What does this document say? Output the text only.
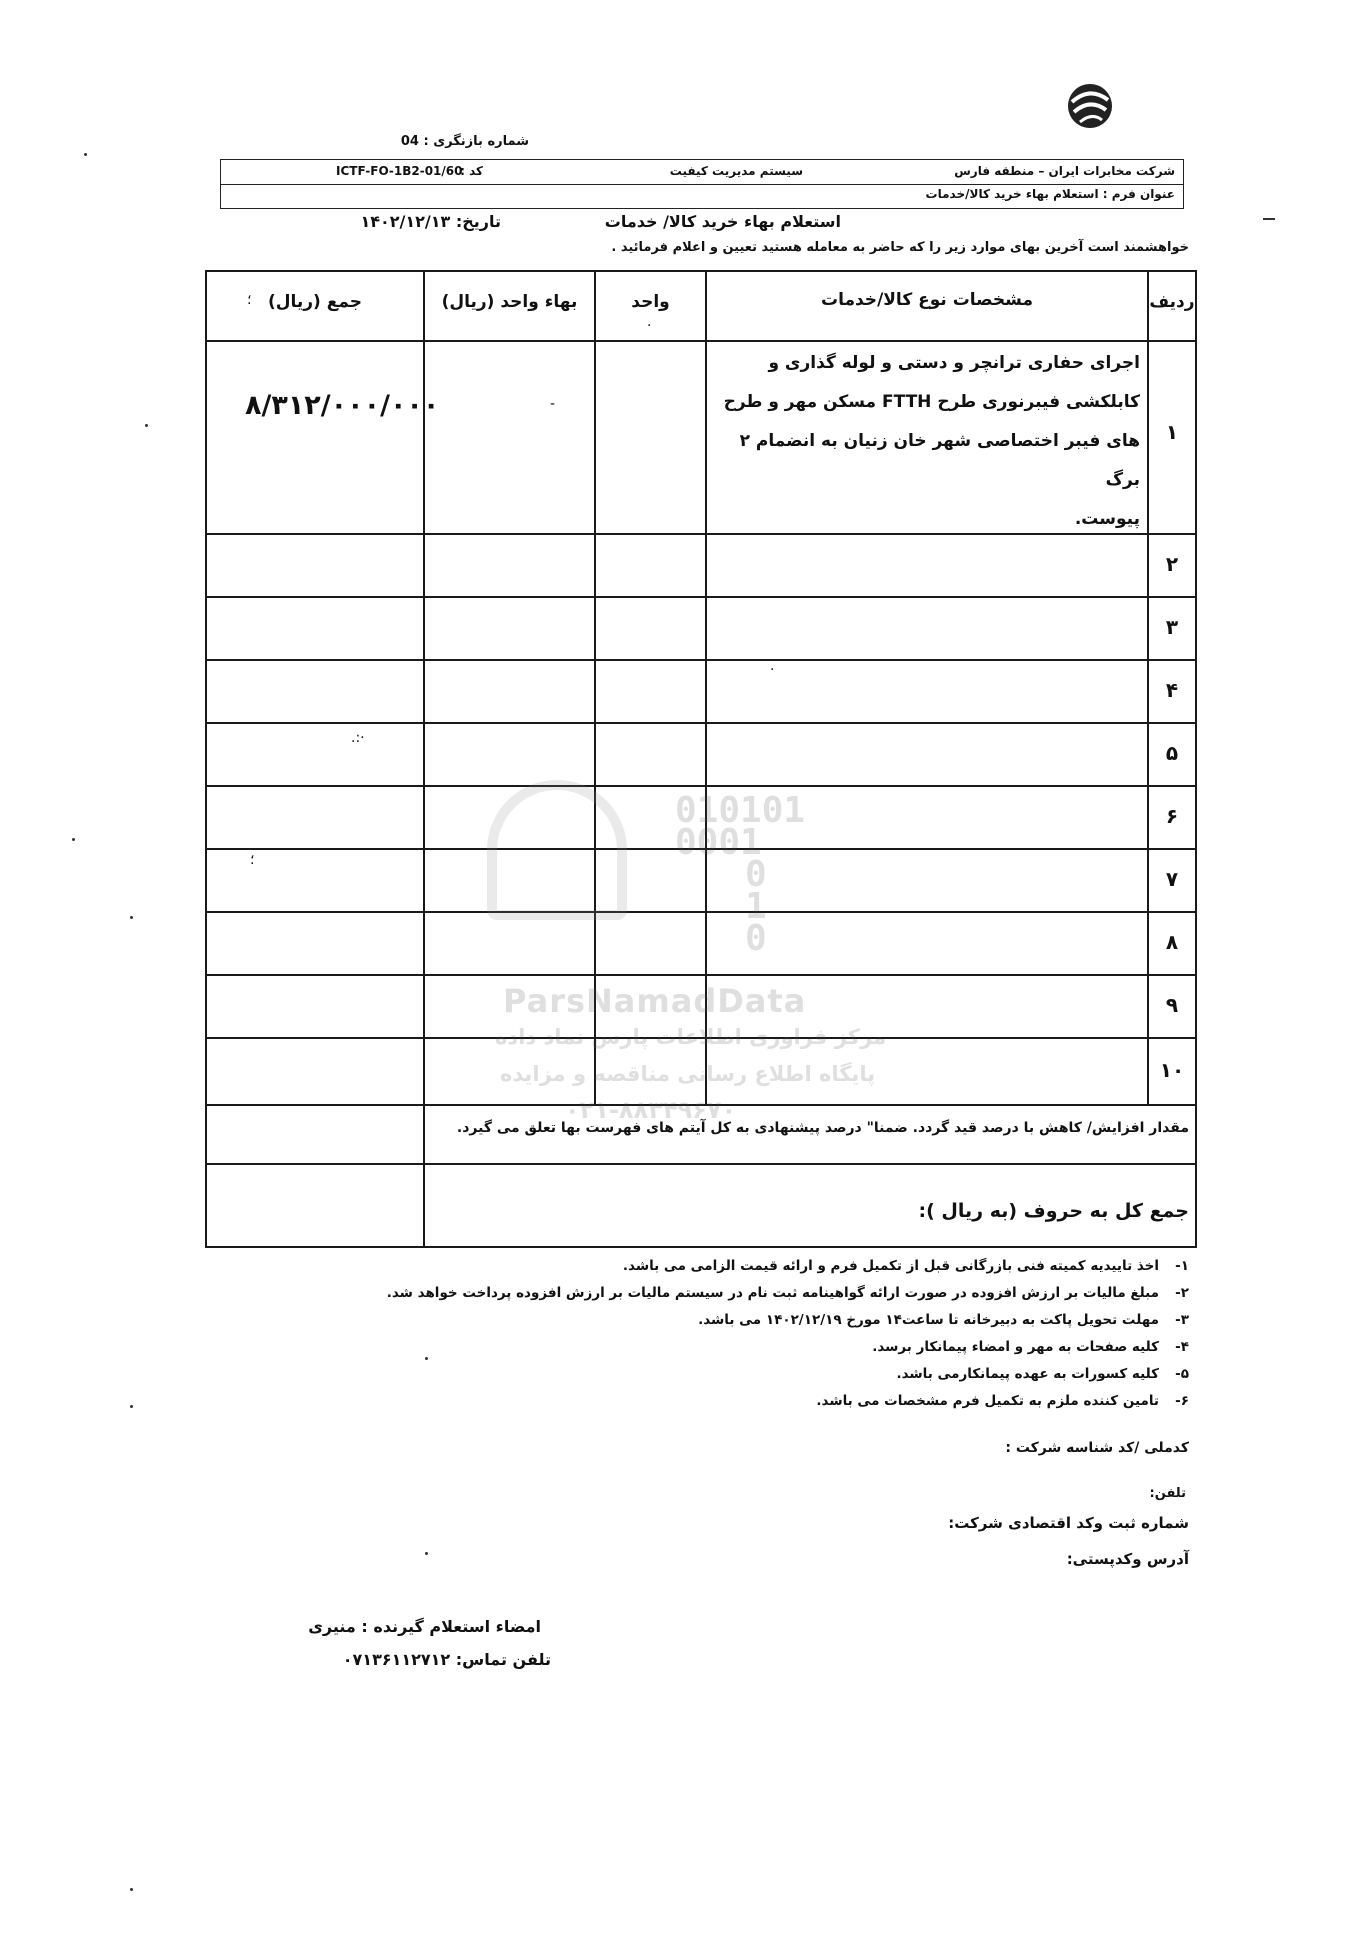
شماره بازنگری : 04
شرکت مخابرات ایران – منطقه فارس
سیستم مدیریت کیفیت
کد :
ICTF-FO-1B2-01/60
عنوان فرم : استعلام بهاء خرید کالا/خدمات
استعلام بهاء خرید کالا/ خدمات
تاریخ: ۱۴۰۲/۱۲/۱۳
خواهشمند است آخرین بهای موارد زیر را که حاضر به معامله هستید تعیین و اعلام فرمائید .
ردیف
مشخصات نوع کالا/خدمات
واحد
بهاء واحد (ریال)
جمع (ریال)
؛
.
۱
اجرای حفاری ترانچر و دستی و لوله گذاری و
کابلکشی فیبرنوری طرح FTTH مسکن مهر و طرح
های فیبر اختصاصی شهر خان زنیان به انضمام ۲ برگ
پیوست.
۸/۳۱۲/۰۰۰/۰۰۰	-
۲
۳
۴
۵
۶
۷
۸
۹
۱۰
.:·
؛
·
مقدار افزایش/ کاهش با درصد قید گردد. ضمنا" درصد پیشنهادی به کل آیتم های فهرست بها تعلق می گیرد.
جمع کل به حروف (به ریال ):
010101
0001
0
1
0
ParsNamadData
مرکز فراوری اطلاعات پارس نماد داده
پایگاه اطلاع رسانی مناقصه و مزایده
۰۲۱-۸۸۳۴۹۶۷۰
۱-اخذ تاییدیه کمیته فنی بازرگانی قبل از تکمیل فرم و ارائه قیمت الزامی می باشد.
۲-مبلغ مالیات بر ارزش افزوده در صورت ارائه گواهینامه ثبت نام در سیستم مالیات بر ارزش افزوده پرداخت خواهد شد.
۳-مهلت تحویل پاکت به دبیرخانه تا ساعت۱۴ مورخ ۱۴۰۲/۱۲/۱۹ می باشد.
۴-کلیه صفحات به مهر و امضاء پیمانکار برسد.
۵-کلیه کسورات به عهده پیمانکارمی باشد.
۶-تامین کننده ملزم به تکمیل فرم مشخصات می باشد.
کدملی /کد شناسه شرکت :
تلفن:
شماره ثبت وکد اقتصادی شرکت:
آدرس وکدپستی:
امضاء استعلام گیرنده : منیری
تلفن تماس: ۰۷۱۳۶۱۱۲۷۱۲
